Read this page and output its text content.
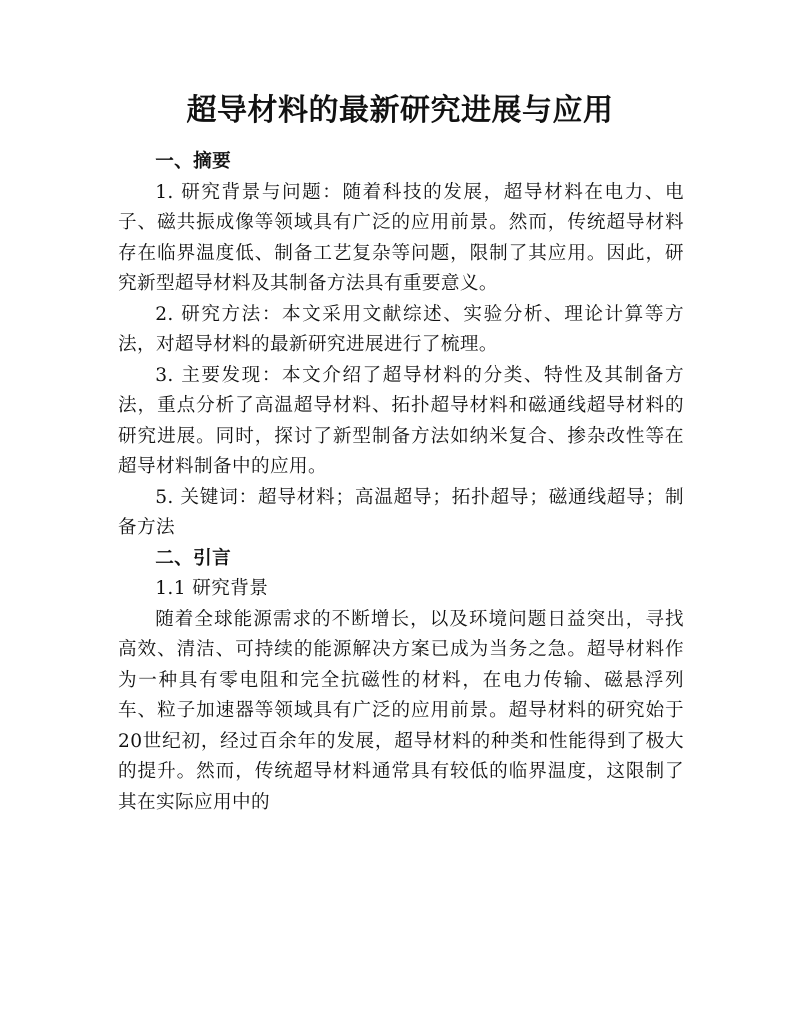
超导材料的最新研究进展与应用
一、摘要

1. 研究背景与问题：随着科技的发展，超导材料在电力、电子、磁共振成像等领域具有广泛的应用前景。然而，传统超导材料存在临界温度低、制备工艺复杂等问题，限制了其应用。因此，研究新型超导材料及其制备方法具有重要意义。

2. 研究方法：本文采用文献综述、实验分析、理论计算等方法，对超导材料的最新研究进展进行了梳理。

3. 主要发现：本文介绍了超导材料的分类、特性及其制备方法，重点分析了高温超导材料、拓扑超导材料和磁通线超导材料的研究进展。同时，探讨了新型制备方法如纳米复合、掺杂改性等在超导材料制备中的应用。

5. 关键词：超导材料；高温超导；拓扑超导；磁通线超导；制备方法

二、引言

1.1 研究背景

随着全球能源需求的不断增长，以及环境问题日益突出，寻找高效、清洁、可持续的能源解决方案已成为当务之急。超导材料作为一种具有零电阻和完全抗磁性的材料，在电力传输、磁悬浮列车、粒子加速器等领域具有广泛的应用前景。超导材料的研究始于20世纪初，经过百余年的发展，超导材料的种类和性能得到了极大的提升。然而，传统超导材料通常具有较低的临界温度，这限制了其在实际应用中的
